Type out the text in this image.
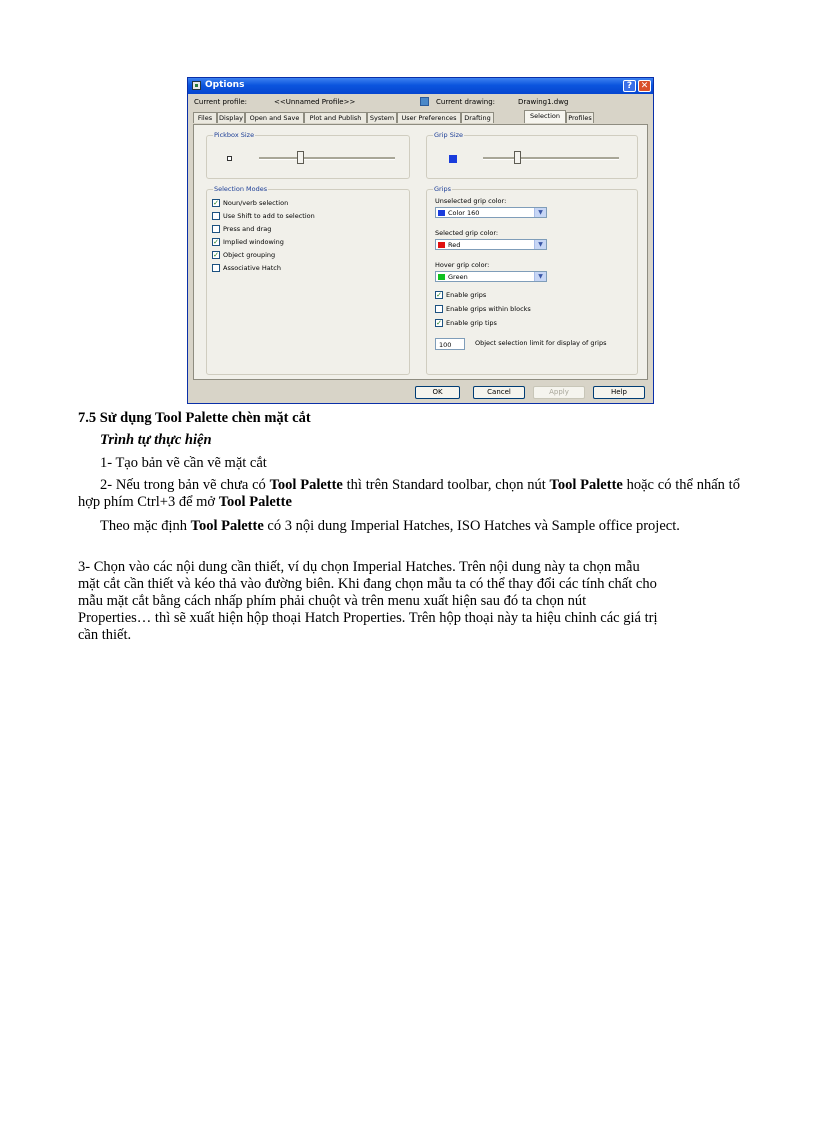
Options	? ✕
Current profile:	<<Unnamed Profile>>	Current drawing:	Drawing1.dwg
Files	Display	Open and Save	Plot and Publish	System	User Preferences	Drafting	Selection	Profiles
Pickbox Size	Grip Size
Selection Modes
✓ Noun/verb selection
Use Shift to add to selection
Press and drag
✓ Implied windowing
✓ Object grouping
Associative Hatch
Grips
Unselected grip color:
Color 160	▼
Selected grip color:
Red	▼
Hover grip color:
Green	▼
✓ Enable grips
Enable grips within blocks
✓ Enable grip tips
100	Object selection limit for display of grips
OK	Cancel	Apply	Help
7.5 Sử dụng Tool Palette chèn mặt cắt
Trình tự thực hiện
1- Tạo bản vẽ cần vẽ mặt cắt
2- Nếu trong bản vẽ chưa có Tool Palette thì trên Standard toolbar, chọn nút Tool Palette hoặc có thể nhấn tổ hợp phím Ctrl+3 để mở Tool Palette
Theo mặc định Tool Palette có 3 nội dung Imperial Hatches, ISO Hatches và Sample office project.
3- Chọn vào các nội dung cần thiết, ví dụ chọn Imperial Hatches. Trên nội dung này ta chọn mẫu
mặt cắt cần thiết và kéo thả vào đường biên. Khi đang chọn mẫu ta có thể thay đổi các tính chất cho
mẫu mặt cắt bằng cách nhấp phím phải chuột và trên menu xuất hiện sau đó ta chọn nút
Properties… thì sẽ xuất hiện hộp thoại Hatch Properties. Trên hộp thoại này ta hiệu chỉnh các giá trị
cần thiết.
